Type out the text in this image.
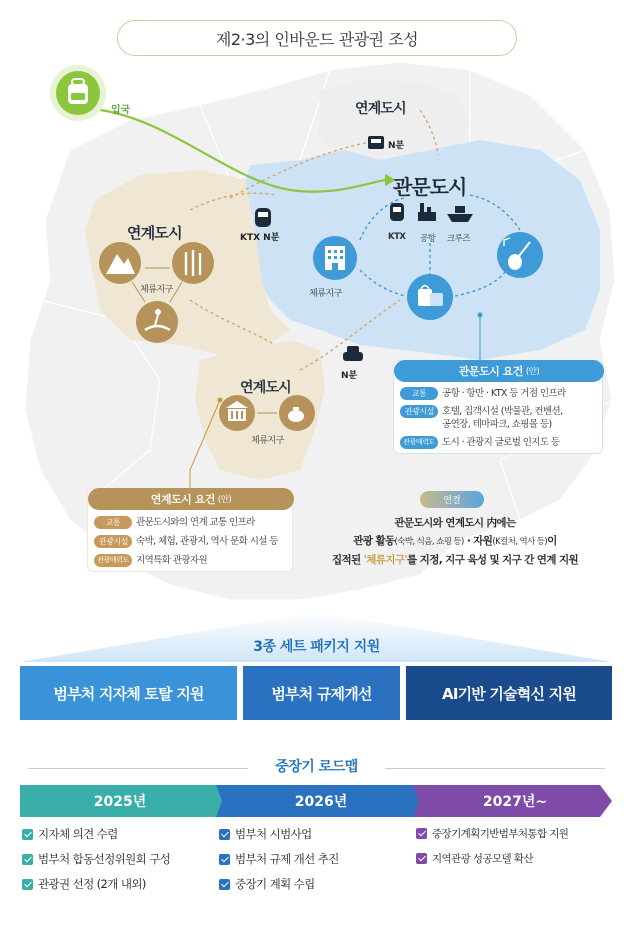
제2·3의 인바운드 관광권 조성
입국	연계도시
N분
관문도시
KTX 공항 크루즈
KTX N분
체류지구
연계도시
체류지구
N분
연계도시
체류지구
관문도시 요건 (안)
교통	공항 · 항만 · KTX 등 거점 인프라
관광시설 호텔, 집객시설 (박물관, 컨벤션,
공연장, 테마파크, 쇼핑몰 등)
관광매력도 도시 · 관광지 글로벌 인지도 등
연계도시 요건 (안)
교통	관문도시와의 연계 교통 인프라
관광시설 숙박, 체험, 관광지, 역사 문화 시설 등
관광매력도 지역특화 관광자원
연결
관문도시와 연계도시 内에는
관광 활동(숙박, 식음, 쇼핑 등) · 자원(K컬처, 역사 등)이
집적된 '체류지구'를 지정, 지구 육성 및 지구 간 연계 지원
3종 세트 패키지 지원
범부처 지자체 토탈 지원	범부처 규제개선	AI기반 기술혁신 지원
중장기 로드맵
2025년	2026년	2027년~
지자체 의견 수렴
범부처 합동선정위원회 구성
관광권 선정 (2개 내외)
범부처 시범사업
범부처 규제 개선 추진
중장기 계획 수립
중장기계획기반범부처통합 지원
지역관광 성공모델 확산
